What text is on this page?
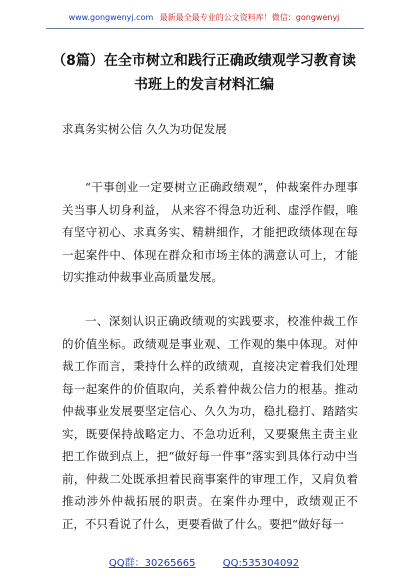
www.gongwenyj.com 最新最全最专业的公文资料库！微信：gongwenyj
（8篇）在全市树立和践行正确政绩观学习教育读书班上的发言材料汇编
求真务实树公信 久久为功促发展
“干事创业一定要树立正确政绩观”，仲裁案件办理事关当事人切身利益， 从来容不得急功近利、虚浮作假，唯有坚守初心、求真务实、精耕细作，才能把政绩体现在每一起案件中、体现在群众和市场主体的满意认可上，才能切实推动仲裁事业高质量发展。
一、深刻认识正确政绩观的实践要求，校准仲裁工作的价值坐标。政绩观是事业观、工作观的集中体现。对仲裁工作而言，秉持什么样的政绩观，直接决定着我们处理每一起案件的价值取向，关系着仲裁公信力的根基。推动仲裁事业发展要坚定信心、久久为功，稳扎稳打、踏踏实实，既要保持战略定力、不急功近利，又要聚焦主责主业把工作做到点上，把“做好每一件事”落实到具体行动中当前，仲裁二处既承担着民商事案件的审理工作，又肩负着推动涉外仲裁拓展的职责。在案件办理中，政绩观正不正，不只看说了什么，更要看做了什么。要把“做好每一
QQ群：30265665	QQ:535304092
